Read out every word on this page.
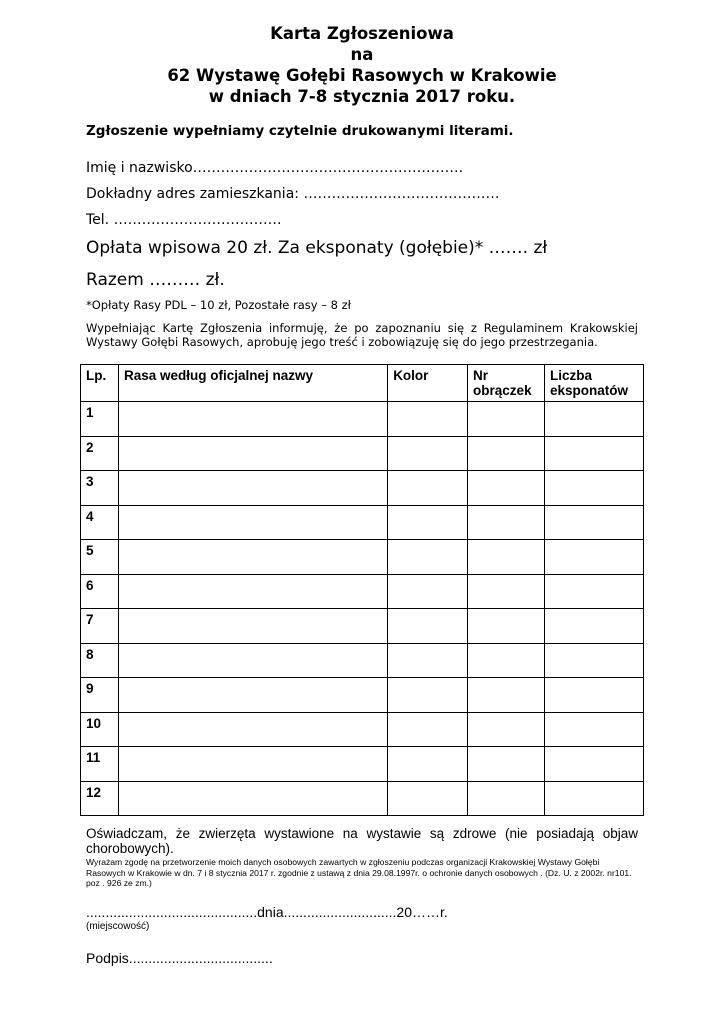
Karta Zgłoszeniowa
na
62 Wystawę Gołębi Rasowych w Krakowie
w dniach 7-8 stycznia 2017 roku.
Zgłoszenie wypełniamy czytelnie drukowanymi literami.
Imię i nazwisko………………………………………………….
Dokładny adres zamieszkania: ……………………………………
Tel. ………………………………
Opłata wpisowa 20 zł. Za eksponaty (gołębie)* ……. zł
Razem ……… zł.
*Opłaty Rasy PDL – 10 zł, Pozostałe rasy – 8 zł
Wypełniając Kartę Zgłoszenia informuję, że po zapoznaniu się z Regulaminem Krakowskiej Wystawy Gołębi Rasowych, aprobuję jego treść i zobowiązuję się do jego przestrzegania.
Lp.	Rasa według oficjalnej nazwy	Kolor	Nr obrączek	Liczba eksponatów
1				
2				
3				
4				
5				
6				
7				
8				
9				
10				
11				
12				
Oświadczam, że zwierzęta wystawione na wystawie są zdrowe (nie posiadają objaw chorobowych).
Wyrażam zgodę na przetworzenie moich danych osobowych zawartych w zgłoszeniu podczas organizacji Krakowskiej Wystawy Gołębi Rasowych w Krakowie w dn. 7 i 8 stycznia 2017 r. zgodnie z ustawą z dnia 29.08.1997r. o ochronie danych osobowych . (Dz. U. z 2002r. nr101. poz . 926 ze zm.)
............................................dnia.............................20……r.
(miejscowość)
Podpis.....................................
